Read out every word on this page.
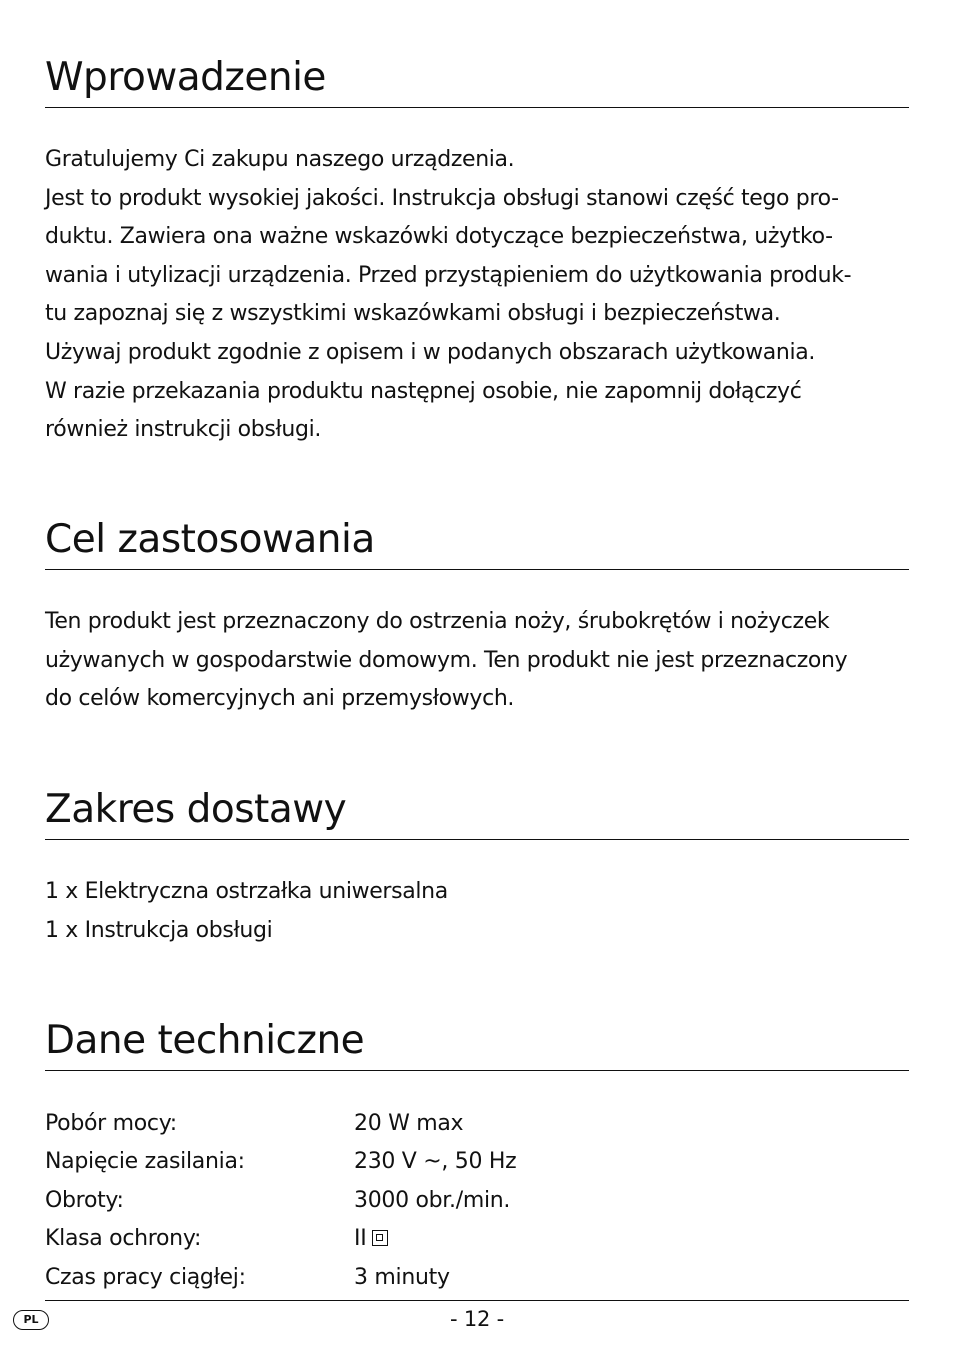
Wprowadzenie
Gratulujemy Ci zakupu naszego urządzenia.
Jest to produkt wysokiej jakości. Instrukcja obsługi stanowi część tego pro-
duktu. Zawiera ona ważne wskazówki dotyczące bezpieczeństwa, użytko-
wania i utylizacji urządzenia. Przed przystąpieniem do użytkowania produk-
tu zapoznaj się z wszystkimi wskazówkami obsługi i bezpieczeństwa.
Używaj produkt zgodnie z opisem i w podanych obszarach użytkowania.
W razie przekazania produktu następnej osobie, nie zapomnij dołączyć
również instrukcji obsługi.
Cel zastosowania
Ten produkt jest przeznaczony do ostrzenia noży, śrubokrętów i nożyczek
używanych w gospodarstwie domowym. Ten produkt nie jest przeznaczony
do celów komercyjnych ani przemysłowych.
Zakres dostawy
1 x Elektryczna ostrzałka uniwersalna
1 x Instrukcja obsługi
Dane techniczne
Pobór mocy:	20 W max
Napięcie zasilania:	230 V ~, 50 Hz
Obroty:	3000 obr./min.
Klasa ochrony:	II
Czas pracy ciągłej:	3 minuty
PL	- 12 -
